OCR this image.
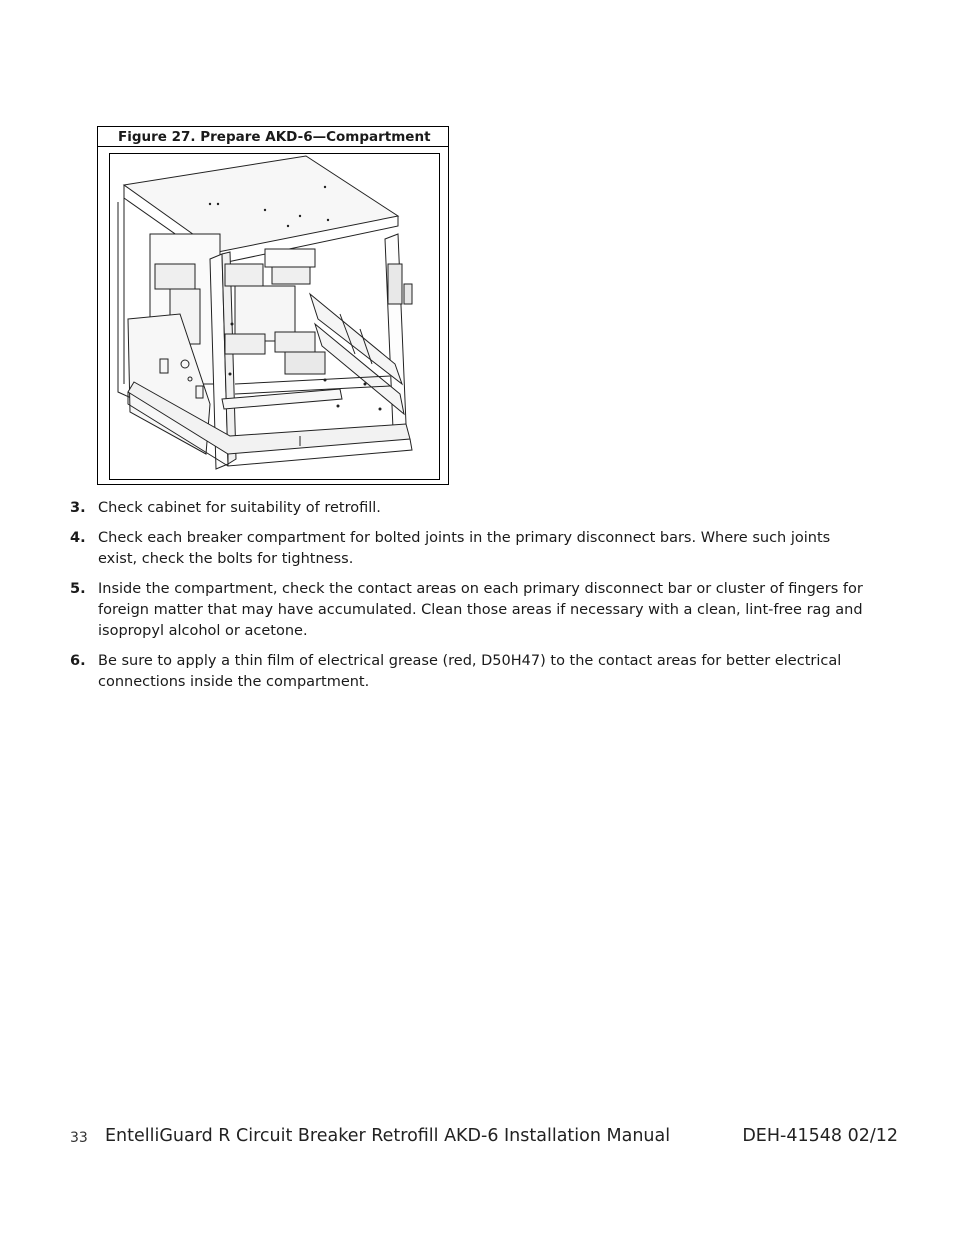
Figure 27. Prepare AKD-6—Compartment
3. Check cabinet for suitability of retrofill.
4. Check each breaker compartment for bolted joints in the primary disconnect bars. Where such joints exist, check the bolts for tightness.
5. Inside the compartment, check the contact areas on each primary disconnect bar or cluster of fingers for foreign matter that may have accumulated. Clean those areas if necessary with a clean, lint-free rag and isopropyl alcohol or acetone.
6. Be sure to apply a thin film of electrical grease (red, D50H47) to the contact areas for better electrical connections inside the compartment.
33 EntelliGuard R Circuit Breaker Retrofill AKD-6 Installation Manual	DEH-41548 02/12
